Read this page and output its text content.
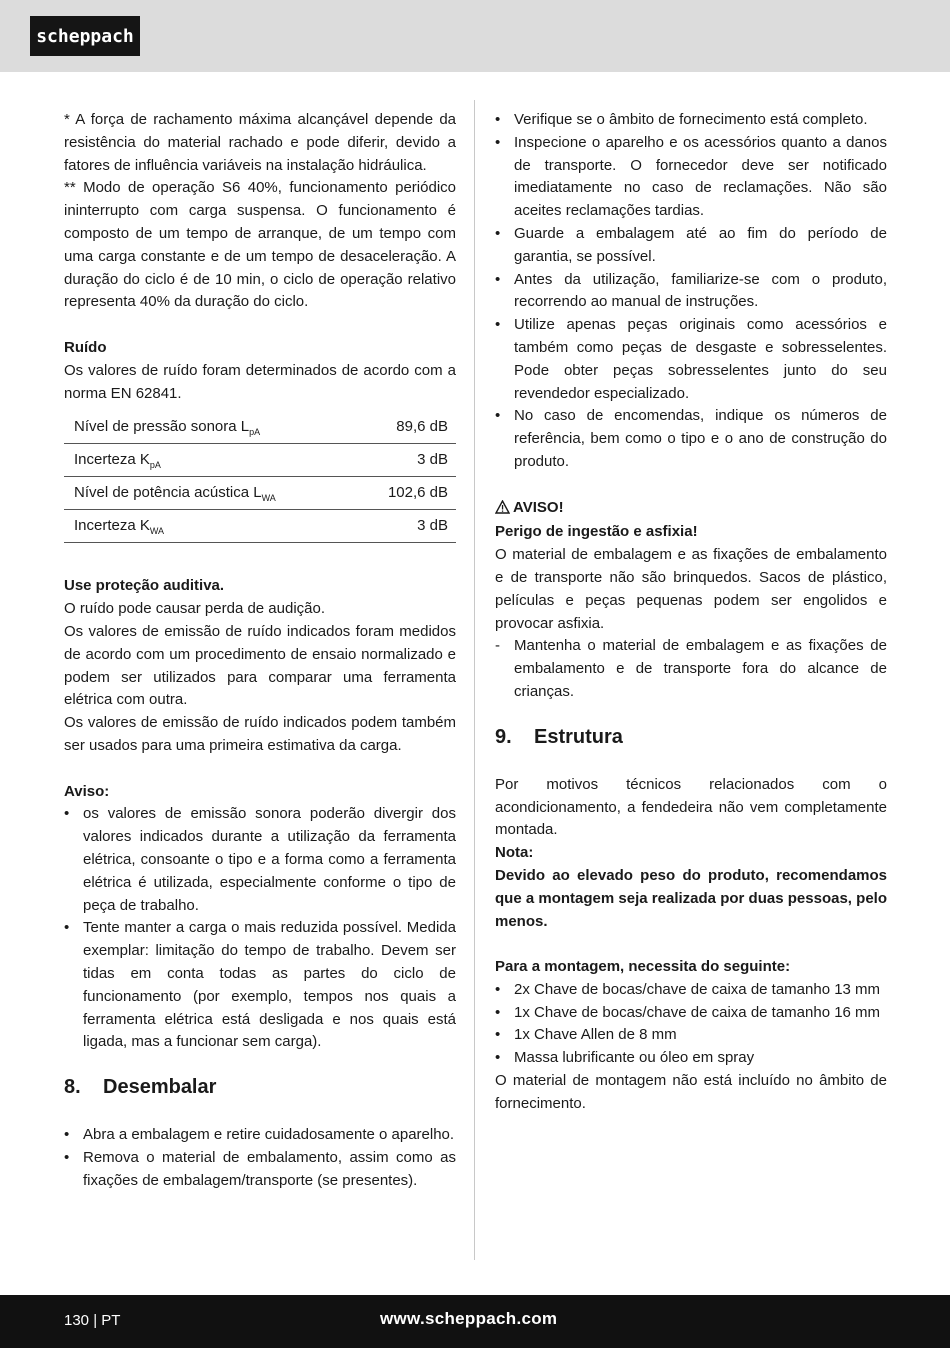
scheppach

* A força de rachamento máxima alcançável depende da resistência do material rachado e pode diferir, devido a fatores de influência variáveis na instalação hidráulica.

** Modo de operação S6 40%, funcionamento periódico ininterrupto com carga suspensa. O funcionamento é composto de um tempo de arranque, de um tempo com uma carga constante e de um tempo de desaceleração. A duração do ciclo é de 10 min, o ciclo de operação relativo representa 40% da duração do ciclo.

Ruído

Os valores de ruído foram determinados de acordo com a norma EN 62841.

Nível de pressão sonora $L_{pA}$	89,6 dB
Incerteza $K_{pA}$	3 dB
Nível de potência acústica $L_{WA}$	102,6 dB
Incerteza $K_{WA}$	3 dB

Use proteção auditiva.

O ruído pode causar perda de audição.

Os valores de emissão de ruído indicados foram medidos de acordo com um procedimento de ensaio normalizado e podem ser utilizados para comparar uma ferramenta elétrica com outra.

Os valores de emissão de ruído indicados podem também ser usados para uma primeira estimativa da carga.

Aviso:

• os valores de emissão sonora poderão divergir dos valores indicados durante a utilização da ferramenta elétrica, consoante o tipo e a forma como a ferramenta elétrica é utilizada, especialmente conforme o tipo de peça de trabalho.
• Tente manter a carga o mais reduzida possível. Medida exemplar: limitação do tempo de trabalho. Devem ser tidas em conta todas as partes do ciclo de funcionamento (por exemplo, tempos nos quais a ferramenta elétrica está desligada e nos quais está ligada, mas a funcionar sem carga).
8. Desembalar
• Abra a embalagem e retire cuidadosamente o aparelho.
• Remova o material de embalamento, assim como as fixações de embalagem/transporte (se presentes).
• Verifique se o âmbito de fornecimento está completo.
• Inspecione o aparelho e os acessórios quanto a danos de transporte. O fornecedor deve ser notificado imediatamente no caso de reclamações. Não são aceites reclamações tardias.
• Guarde a embalagem até ao fim do período de garantia, se possível.
• Antes da utilização, familiarize-se com o produto, recorrendo ao manual de instruções.
• Utilize apenas peças originais como acessórios e também como peças de desgaste e sobresselentes. Pode obter peças sobresselentes junto do seu revendedor especializado.
• No caso de encomendas, indique os números de referência, bem como o tipo e o ano de construção do produto.

AVISO!

Perigo de ingestão e asfixia!

O material de embalagem e as fixações de embalamento e de transporte não são brinquedos. Sacos de plástico, películas e peças pequenas podem ser engolidos e provocar asfixia.

- Mantenha o material de embalagem e as fixações de embalamento e de transporte fora do alcance de crianças.
9. Estrutura

Por motivos técnicos relacionados com o acondicionamento, a fendedeira não vem completamente montada.

Nota:

Devido ao elevado peso do produto, recomendamos que a montagem seja realizada por duas pessoas, pelo menos.

Para a montagem, necessita do seguinte:

• 2x Chave de bocas/chave de caixa de tamanho 13 mm
• 1x Chave de bocas/chave de caixa de tamanho 16 mm
• 1x Chave Allen de 8 mm
• Massa lubrificante ou óleo em spray

O material de montagem não está incluído no âmbito de fornecimento.

130 | PT	www.scheppach.com
